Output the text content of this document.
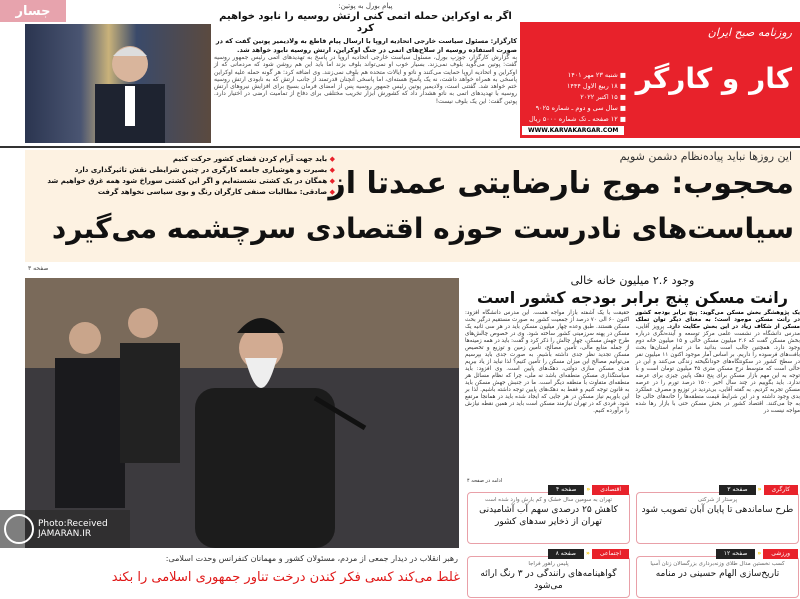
جسار	پیام بورل به پوتین:
اگر به اوکراین حمله اتمی کنی ارتش روسیه را نابود خواهیم کرد
کارگزار: مسئول سیاست خارجی اتحادیه اروپا با ارسال پیام قاطع به ولادیمیر پوتین گفت که در صورت استفاده روسیه از سلاح‌های اتمی در جنگ اوکراین، ارتش روسیه نابود خواهد شد.
به گزارش کارگزار، جوزپ بورل، مسئول سیاست خارجی اتحادیه اروپا در پاسخ به تهدیدهای اتمی رئیس جمهور روسیه گفت: پوتین می‌گوید بلوف نمی‌زند. بسیار خوب او نمی‌تواند بلوف بزند اما باید این هم روشن شود که مردمانی که از اوکراین و اتحادیه اروپا حمایت می‌کنند و ناتو و ایالات متحده هم بلوف نمی‌زنند. وی اضافه کرد: هر گونه حمله علیه اوکراین پاسخی به همراه خواهد داشت، نه یک پاسخ هسته‌ای، اما پاسخی آنچنان قدرتمند از جانب ارتش که به نابودی ارتش روسیه ختم خواهد شد. گفتنی است، ولادیمیر پوتین رئیس جمهور روسیه پس از امضای فرمان بسیج برای افزایش نیروهای ارتش روسیه با تهدیدهای اتمی به ناتو هشدار داد که کشورش ابزار تخریب مختلفی برای دفاع از تمامیت ارضی در اختیار دارد. پوتین گفت: این یک بلوف نیست!
روزنامه صبح ایران
کار و کارگر
■ شنبه ۲۳ مهر ۱۴۰۱
■ ۱۸ ربیع الاول ۱۴۴۴
■ ۱۵ اکتبر ۲۰۲۲
■ سال سی و دوم ـ شماره ۹۰۲۵
■ ۱۲ صفحه ـ تک شماره ۵۰۰۰ ریال
WWW.KARVAKARGAR.COM
این روزها نباید پیاده‌نظام دشمن شویم
محجوب: موج نارضایتی عمدتا از
سیاست‌های نادرست حوزه اقتصادی سرچشمه می‌گیرد
◆ باید جهت آرام کردن فضای کشور حرکت کنیم
◆ بصیرت و هوشیاری جامعه کارگری در چنین شرایطی نقش تاثیرگذاری دارد
◆ همگان در یک کشتی نشسته‌ایم و اگر این کشتی سوراخ شود همه غرق خواهیم شد
◆ صادقی: مطالبات صنفی کارگران رنگ و بوی سیاسی نخواهد گرفت
صفحه ۳
Photo:Received
JAMARAN.IR
رهبر انقلاب در دیدار جمعی از مردم، مسئولان کشور و مهمانان کنفرانس وحدت اسلامی:
غلط می‌کند کسی فکر کندن درخت تناور جمهوری اسلامی را بکند
وجود ۲.۶ میلیون خانه خالی
رانت مسکن پنج برابر بودجه کشور است
یک پژوهشگر بخش مسکن می‌گوید: پنج برابر بودجه کشور در رانت مسکن موجود است؛ به معنای دیگر توان تملک مسکن از شکاف زیاد در این بخش حکایت دارد. پرویز آقایی، مدرس دانشگاه در نشست علمی مرکز توسعه و آینده‌نگری درباره بخش مسکن گفت که ۲.۶ میلیون مسکن خالی و ۱۵ میلیون خانه دوم وجود دارد. همچنین جالب است بدانید ما در تمام استان‌ها بحث بافت‌های فرسوده را داریم. بر اساس آمار موجود اکنون ۱۱ میلیون نفر در سطح کشور در سکونتگاه‌های خودانگیخته زندگی می‌کنند و این در حالی است که متوسط نرخ مسکن متری ۴۵ میلیون تومان است و با توجه به این مهم بازار مسکن برای پنج دهک پایین چیزی برای عرضه ندارد. باید بگوییم در چند سال اخیر ۱۵۰۰ درصد تورم را در عرصه مسکن تجربه کردیم. به گفته آقایی، بی‌تردید در توزیع و مصرف عملکرد بدی وجود داشته و در این شرایط قیمت منطقه‌ها را خانه‌های خالی جا به جا می‌کنند. اقتصاد کشور در بخش مسکن حتی با بازار رها شده مواجه نیست در
حقیقت با یک آشفته بازار مواجه هست. این مدرس دانشگاه افزود: اکنون ۶۰ الی ۷۰ درصد از جمعیت کشور به صورت مستقیم درگیر بحث مسکن هستند. طبق وعده چهار میلیون مسکن باید در هر سی ثانیه یک مسکن در پهنه سرزمینی کشور ساخته شود. وی در خصوص چالش‌های طرح جهش مسکن، چهار چالش را ذکر کرد و گفت: باید در همه زمینه‌ها از جمله منابع مالی، تأمین مصالح، تأمین زمین و توزیع و تخصیص مسکن تجدید نظر جدی داشته باشیم. به صورت جدی باید بپرسیم می‌توانیم مصالح این میزان مسکن را تأمین کنیم؟ لذا نباید از یاد ببریم هدف مسکن سازی دولتی، دهک‌های پایین است. وی افزود: باید سیاستگذاری مسکن منطقه‌ای باشد نه ملی، چرا که نظام مسائل هر منطقه‌ای متفاوت با منطقه دیگر است. ما در جنبش جهش مسکن باید به قانون توجه کنیم و فقط به دهک‌های پایین توجه داشته باشیم. لذا بر این باوریم نیاز مسکن در هر جایی که ایجاد شده باید در همانجا مرتفع شود. فردی که در تهران نیازمند مسکن است باید در همین نقطه نیازش را برآورده کنیم.
ادامه در صفحه ۴
کارگری
«
صفحه ۳
پرستار از شرکتی
طرح ساماندهی تا پایان آبان تصویب شود
اقتصادی
«
صفحه ۴
تهران به سومین سال خشک و کم بارش وارد شده است
کاهش ۲۵ درصدی سهم آب آشامیدنی تهران از ذخایر سدهای کشور
ورزشی
«
صفحه ۱۲
کسب نخستین مدال طلای وزنه‌برداری بزرگسالان زنان آسیا
تاریخ‌سازی الهام حسینی در منامه
اجتماعی
«
صفحه ۸
پلیس راهور فراجا
گواهینامه‌های رانندگی در ۳ رنگ ارائه می‌شود
